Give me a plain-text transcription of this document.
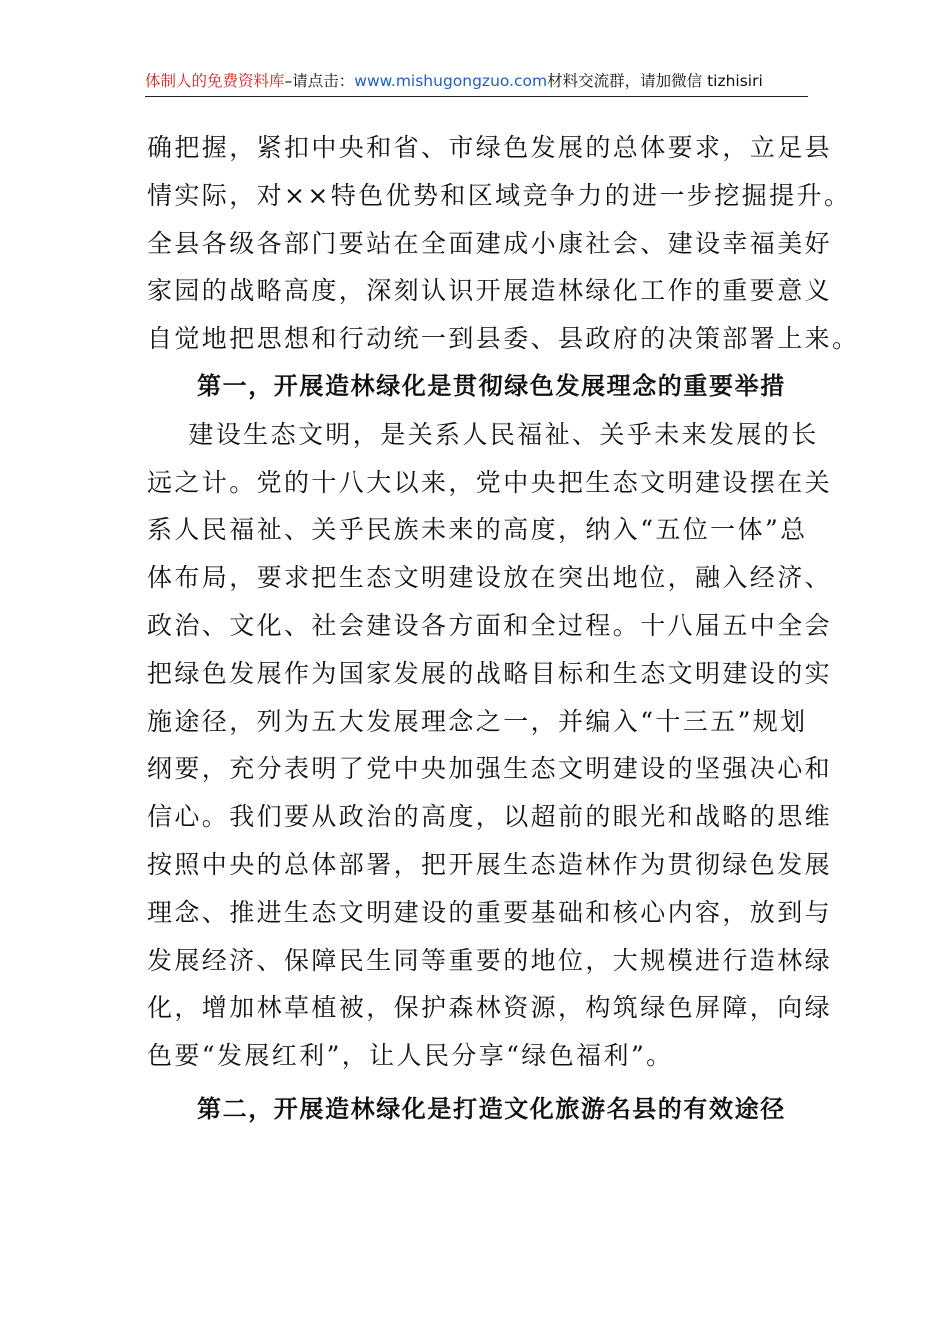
体制人的免费资料库–请点击：www.mishugongzuo.com材料交流群，请加微信 tizhisiri
确把握，紧扣中央和省、市绿色发展的总体要求，立足县
情实际，对××特色优势和区域竞争力的进一步挖掘提升。
全县各级各部门要站在全面建成小康社会、建设幸福美好
家园的战略高度，深刻认识开展造林绿化工作的重要意义
自觉地把思想和行动统一到县委、县政府的决策部署上来。
第一，开展造林绿化是贯彻绿色发展理念的重要举措
建设生态文明，是关系人民福祉、关乎未来发展的长
远之计。党的十八大以来，党中央把生态文明建设摆在关
系人民福祉、关乎民族未来的高度，纳入“五位一体”总
体布局，要求把生态文明建设放在突出地位，融入经济、
政治、文化、社会建设各方面和全过程。十八届五中全会
把绿色发展作为国家发展的战略目标和生态文明建设的实
施途径，列为五大发展理念之一，并编入“十三五”规划
纲要，充分表明了党中央加强生态文明建设的坚强决心和
信心。我们要从政治的高度，以超前的眼光和战略的思维
按照中央的总体部署，把开展生态造林作为贯彻绿色发展
理念、推进生态文明建设的重要基础和核心内容，放到与
发展经济、保障民生同等重要的地位，大规模进行造林绿
化，增加林草植被，保护森林资源，构筑绿色屏障，向绿
色要“发展红利”，让人民分享“绿色福利”。
第二，开展造林绿化是打造文化旅游名县的有效途径
